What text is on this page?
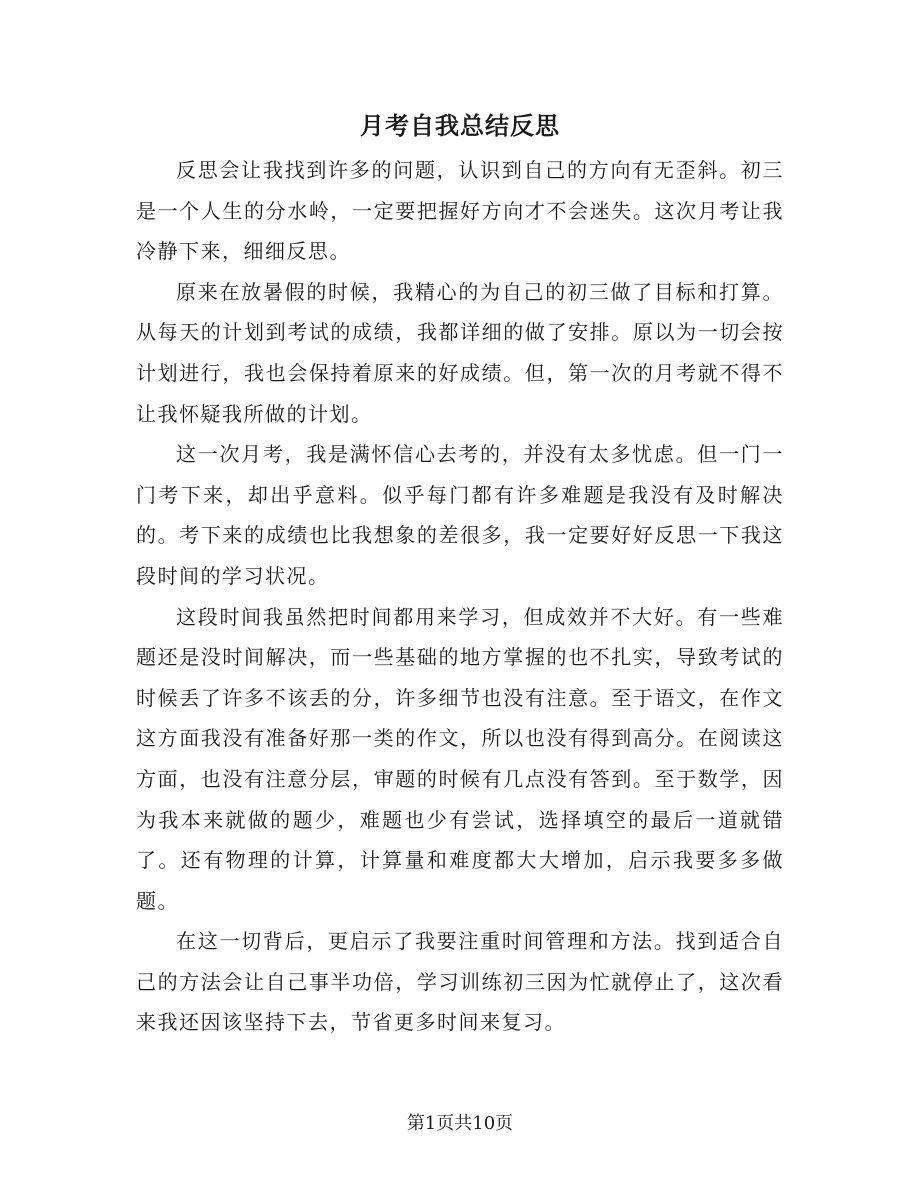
月考自我总结反思

反思会让我找到许多的问题，认识到自己的方向有无歪斜。初三是一个人生的分水岭，一定要把握好方向才不会迷失。这次月考让我冷静下来，细细反思。

原来在放暑假的时候，我精心的为自己的初三做了目标和打算。从每天的计划到考试的成绩，我都详细的做了安排。原以为一切会按计划进行，我也会保持着原来的好成绩。但，第一次的月考就不得不让我怀疑我所做的计划。

这一次月考，我是满怀信心去考的，并没有太多忧虑。但一门一门考下来，却出乎意料。似乎每门都有许多难题是我没有及时解决的。考下来的成绩也比我想象的差很多，我一定要好好反思一下我这段时间的学习状况。

这段时间我虽然把时间都用来学习，但成效并不大好。有一些难题还是没时间解决，而一些基础的地方掌握的也不扎实，导致考试的时候丢了许多不该丢的分，许多细节也没有注意。至于语文，在作文这方面我没有准备好那一类的作文，所以也没有得到高分。在阅读这方面，也没有注意分层，审题的时候有几点没有答到。至于数学，因为我本来就做的题少，难题也少有尝试，选择填空的最后一道就错了。还有物理的计算，计算量和难度都大大增加，启示我要多多做题。

在这一切背后，更启示了我要注重时间管理和方法。找到适合自己的方法会让自己事半功倍，学习训练初三因为忙就停止了，这次看来我还因该坚持下去，节省更多时间来复习。

第1页共10页
